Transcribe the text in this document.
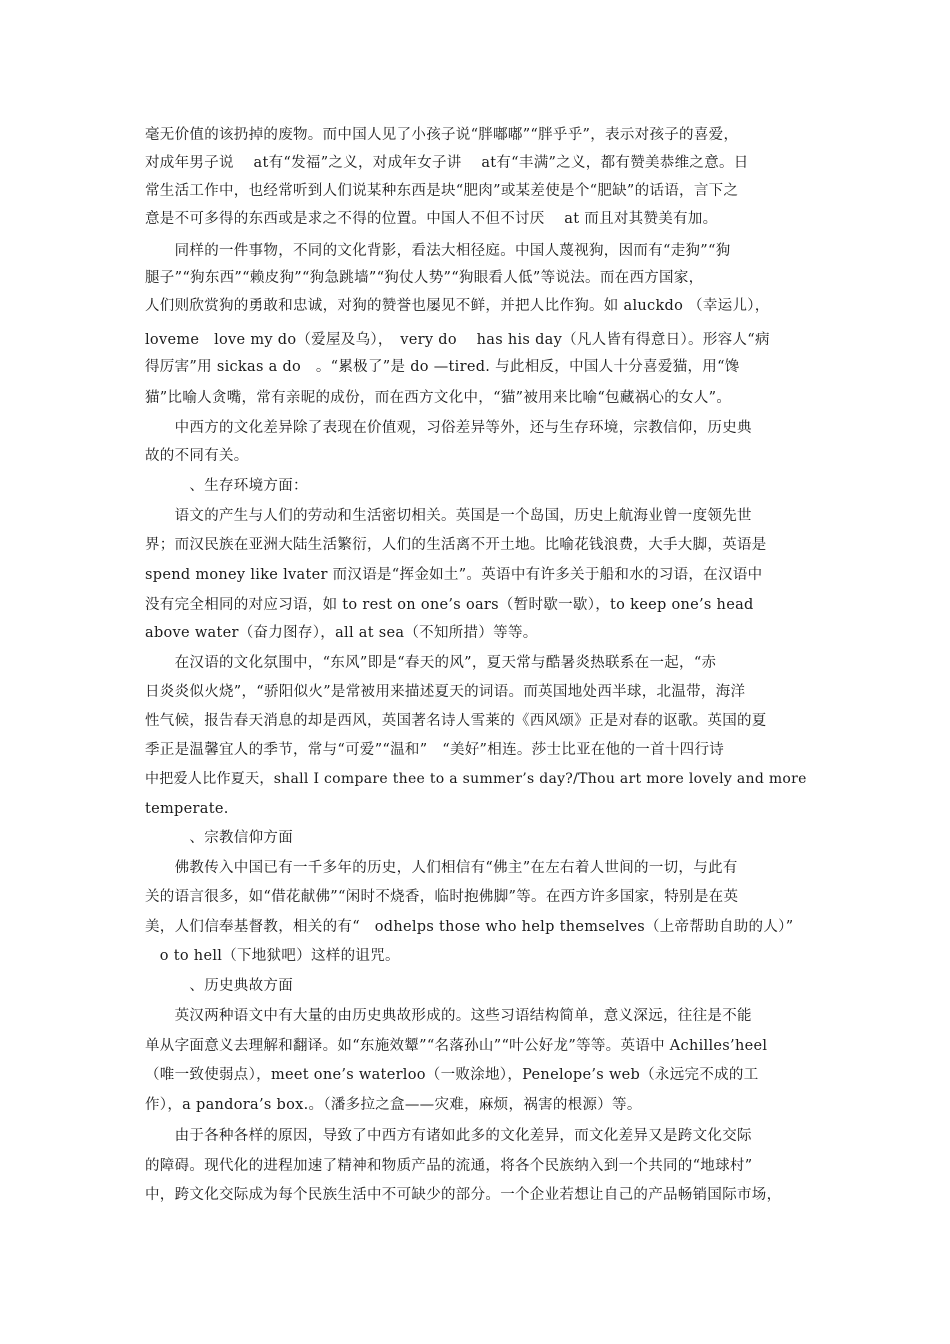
毫无价值的该扔掉的废物。而中国人见了小孩子说“胖嘟嘟”“胖乎乎”，表示对孩子的喜爱，
对成年男子说　 at有“发福”之义，对成年女子讲　 at有“丰满”之义，都有赞美恭维之意。日
常生活工作中，也经常听到人们说某种东西是块“肥肉”或某差使是个“肥缺”的话语，言下之
意是不可多得的东西或是求之不得的位置。中国人不但不讨厌　 at 而且对其赞美有加。
　　同样的一件事物，不同的文化背影，看法大相径庭。中国人蔑视狗，因而有“走狗”“狗
腿子”“狗东西”“赖皮狗”“狗急跳墙”“狗仗人势”“狗眼看人低”等说法。而在西方国家，
人们则欣赏狗的勇敢和忠诚，对狗的赞誉也屡见不鲜，并把人比作狗。如 aluckdo （幸运儿），
loveme　love my do（爱屋及乌），　very do　 has his day（凡人皆有得意日）。形容人“病
得厉害”用 sickas a do　。“累极了”是 do —tired. 与此相反，中国人十分喜爱猫，用“馋
猫”比喻人贪嘴，常有亲昵的成份，而在西方文化中，“猫”被用来比喻“包藏祸心的女人”。
　　中西方的文化差异除了表现在价值观，习俗差异等外，还与生存环境，宗教信仰，历史典
故的不同有关。
　　　、生存环境方面：
　　语文的产生与人们的劳动和生活密切相关。英国是一个岛国，历史上航海业曾一度领先世
界；而汉民族在亚洲大陆生活繁衍，人们的生活离不开土地。比喻花钱浪费，大手大脚，英语是
spend money like lvater 而汉语是“挥金如土”。英语中有许多关于船和水的习语，在汉语中
没有完全相同的对应习语，如 to rest on one’s oars（暂时歇一歇），to keep one’s head
above water（奋力图存），all at sea（不知所措）等等。
　　在汉语的文化氛围中，“东风”即是“春天的风”，夏天常与酷暑炎热联系在一起，“赤
日炎炎似火烧”，“骄阳似火”是常被用来描述夏天的词语。而英国地处西半球，北温带，海洋
性气候，报告春天消息的却是西风，英国著名诗人雪莱的《西风颂》正是对春的讴歌。英国的夏
季正是温馨宜人的季节，常与“可爱”“温和”　“美好”相连。莎士比亚在他的一首十四行诗
中把爱人比作夏天，shall I compare thee to a summer’s day?/Thou art more lovely and more
temperate.
　　　、宗教信仰方面
　　佛教传入中国已有一千多年的历史，人们相信有“佛主”在左右着人世间的一切，与此有
关的语言很多，如“借花献佛”“闲时不烧香，临时抱佛脚”等。在西方许多国家，特别是在英
美，人们信奉基督教，相关的有“　odhelps those who help themselves（上帝帮助自助的人）”
　o to hell（下地狱吧）这样的诅咒。
　　　、历史典故方面
　　英汉两种语文中有大量的由历史典故形成的。这些习语结构简单，意义深远，往往是不能
单从字面意义去理解和翻译。如“东施效颦”“名落孙山”“叶公好龙”等等。英语中 Achilles’heel
（唯一致使弱点），meet one’s waterloo（一败涂地），Penelope’s web（永远完不成的工
作），a pandora’s box.。（潘多拉之盒——灾难，麻烦，祸害的根源）等。
　　由于各种各样的原因，导致了中西方有诸如此多的文化差异，而文化差异又是跨文化交际
的障碍。现代化的进程加速了精神和物质产品的流通，将各个民族纳入到一个共同的“地球村”
中，跨文化交际成为每个民族生活中不可缺少的部分。一个企业若想让自己的产品畅销国际市场，
